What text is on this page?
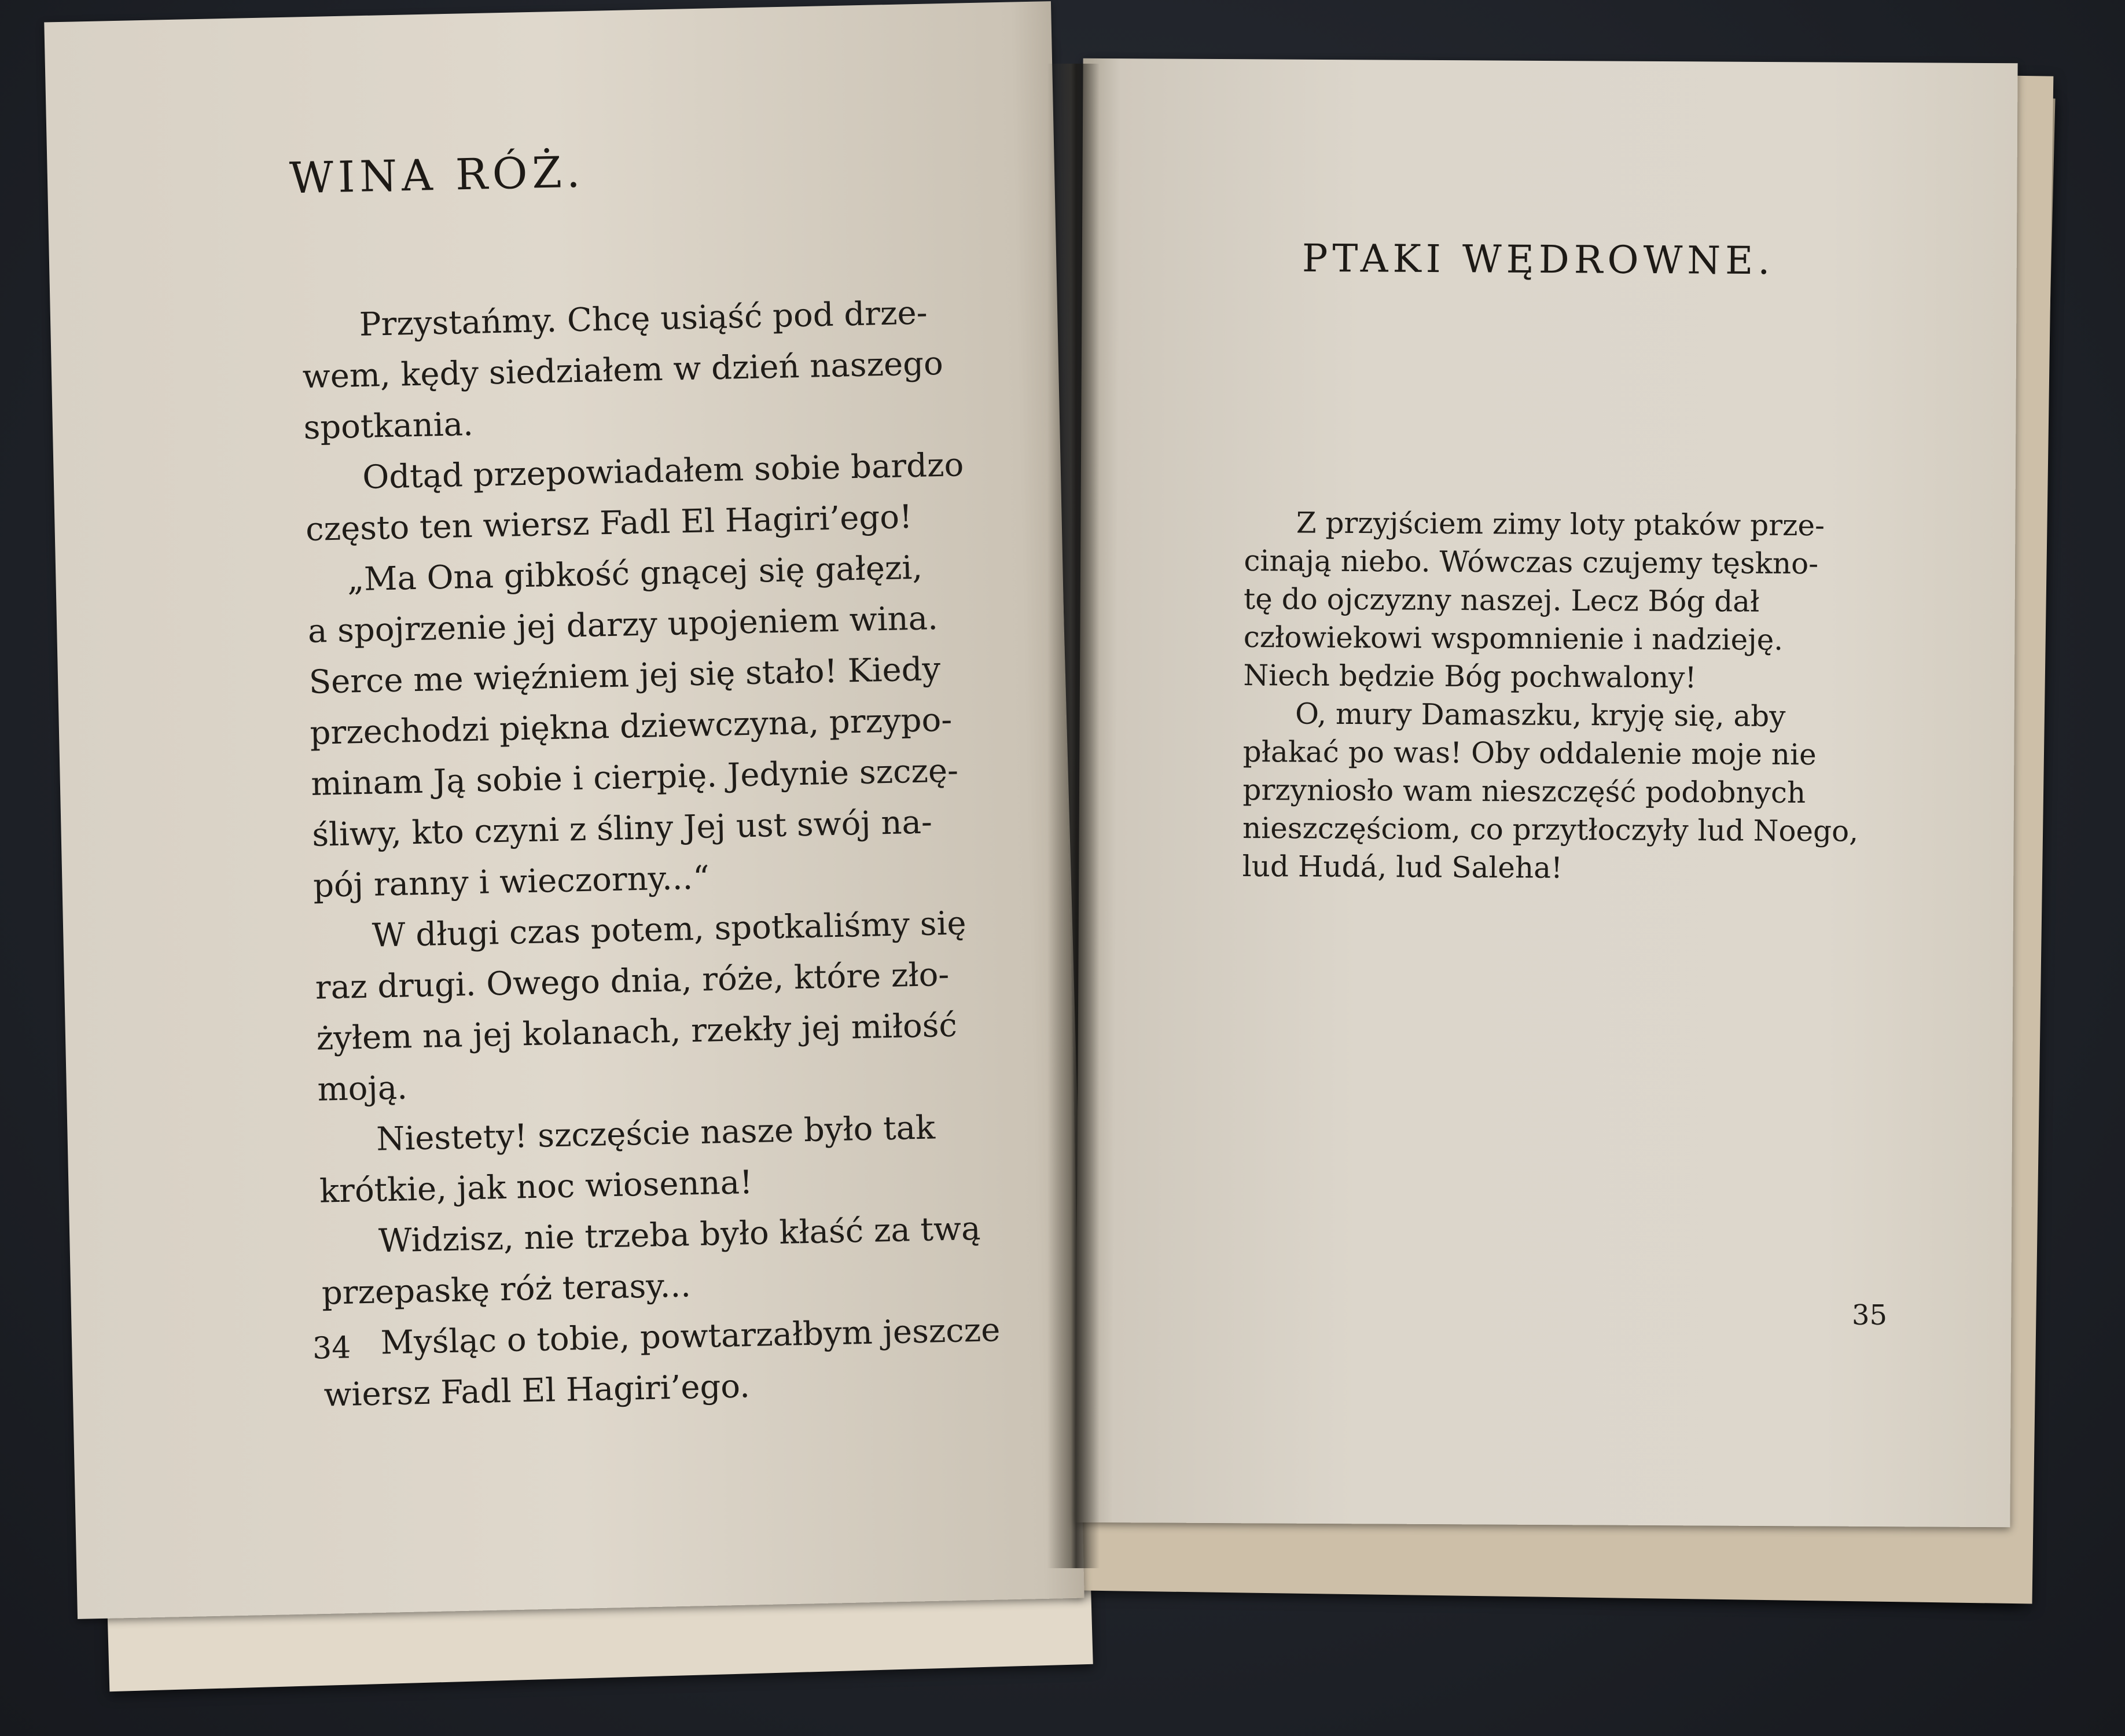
WINA RÓŻ.
Przystańmy. Chcę usiąść pod drze-
wem, kędy siedziałem w dzień naszego
spotkania.
Odtąd przepowiadałem sobie bardzo
często ten wiersz Fadl El Hagiri’ego!
„Ma Ona gibkość gnącej się gałęzi,
a spojrzenie jej darzy upojeniem wina.
Serce me więźniem jej się stało! Kiedy
przechodzi piękna dziewczyna, przypo-
minam Ją sobie i cierpię. Jedynie szczę-
śliwy, kto czyni z śliny Jej ust swój na-
pój ranny i wieczorny...“
W długi czas potem, spotkaliśmy się
raz drugi. Owego dnia, róże, które zło-
żyłem na jej kolanach, rzekły jej miłość
moją.
Niestety! szczęście nasze było tak
krótkie, jak noc wiosenna!
Widzisz, nie trzeba było kłaść za twą
przepaskę róż terasy...
Myśląc o tobie, powtarzałbym jeszcze
wiersz Fadl El Hagiri’ego.
34
PTAKI WĘDROWNE.
Z przyjściem zimy loty ptaków prze-
cinają niebo. Wówczas czujemy tęskno-
tę do ojczyzny naszej. Lecz Bóg dał
człowiekowi wspomnienie i nadzieję.
Niech będzie Bóg pochwalony!
O, mury Damaszku, kryję się, aby
płakać po was! Oby oddalenie moje nie
przyniosło wam nieszczęść podobnych
nieszczęściom, co przytłoczyły lud Noego,
lud Hudá, lud Saleha!
35
